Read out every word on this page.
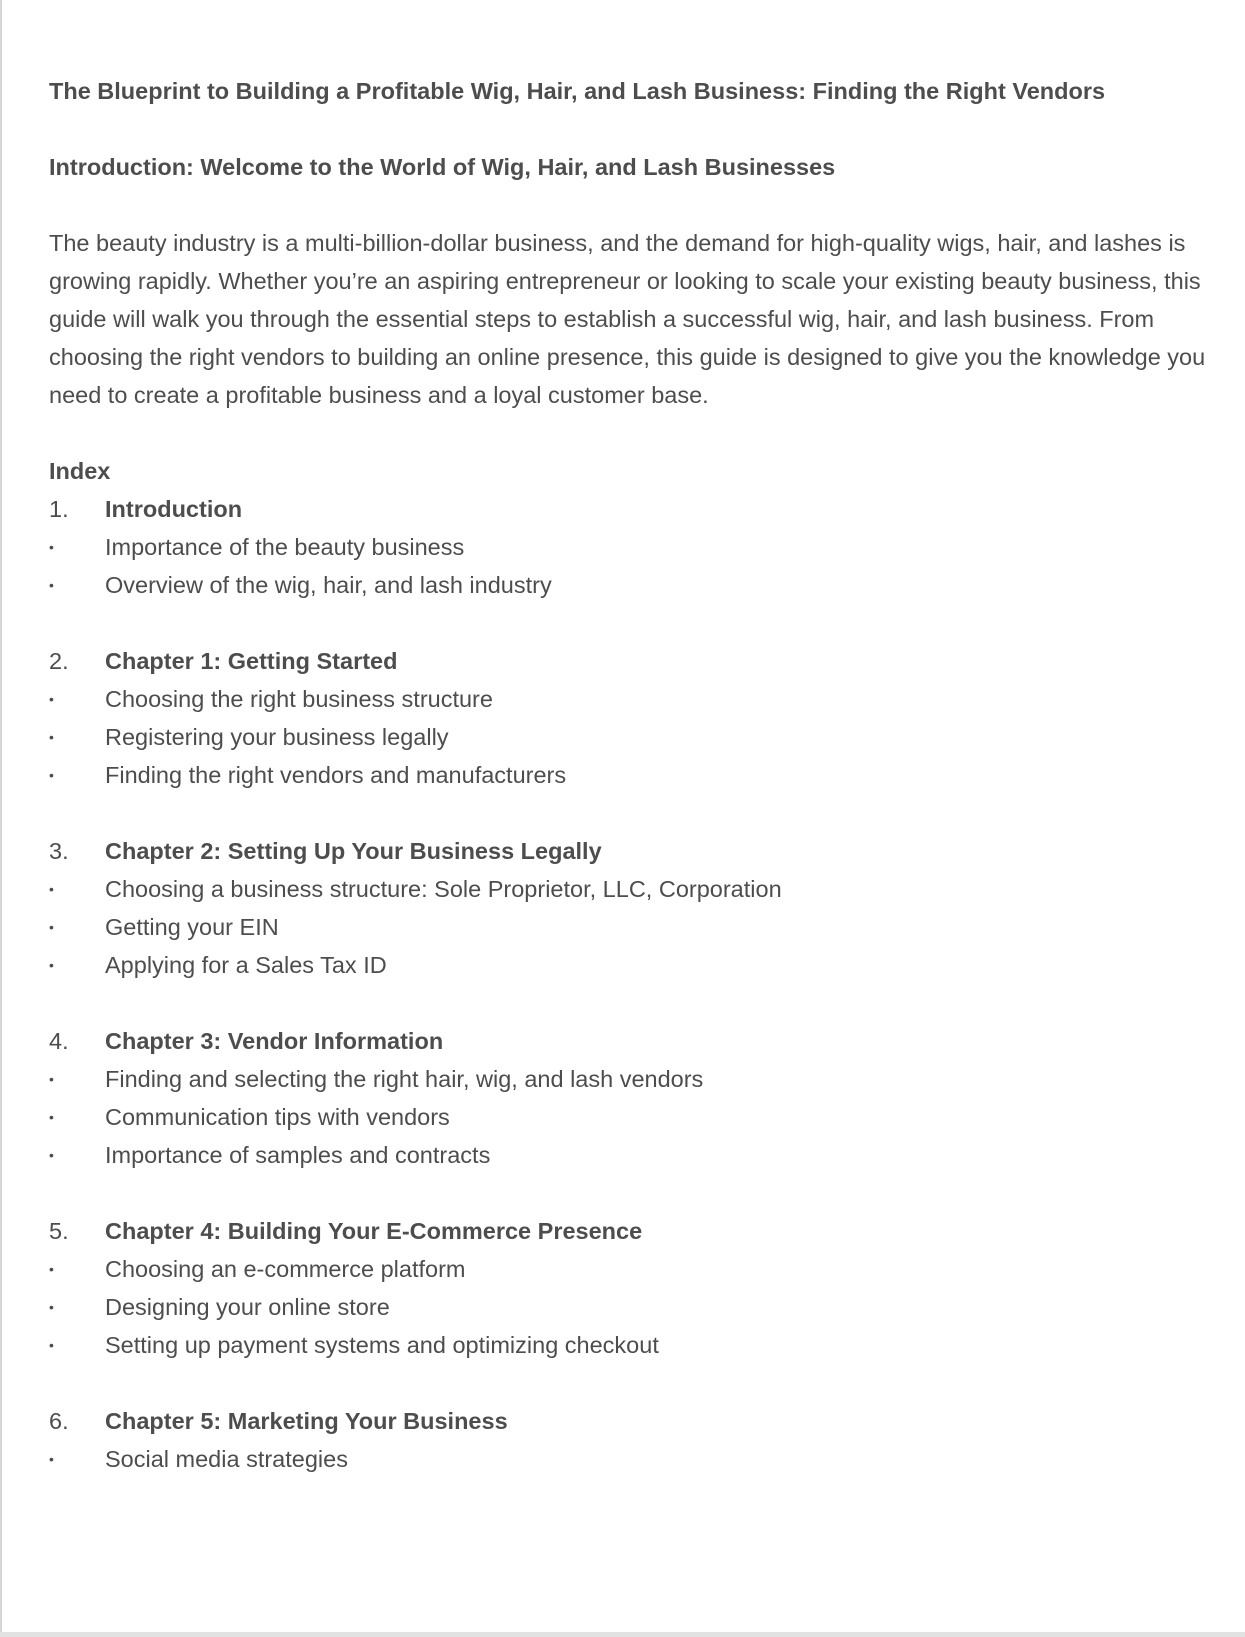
The Blueprint to Building a Profitable Wig, Hair, and Lash Business: Finding the Right Vendors

Introduction: Welcome to the World of Wig, Hair, and Lash Businesses

The beauty industry is a multi-billion-dollar business, and the demand for high-quality wigs, hair, and lashes is growing rapidly. Whether you’re an aspiring entrepreneur or looking to scale your existing beauty business, this guide will walk you through the essential steps to establish a successful wig, hair, and lash business. From choosing the right vendors to building an online presence, this guide is designed to give you the knowledge you need to create a profitable business and a loyal customer base.

Index

1.	Introduction
• Importance of the beauty business
• Overview of the wig, hair, and lash industry
2.	Chapter 1: Getting Started
• Choosing the right business structure
• Registering your business legally
• Finding the right vendors and manufacturers
3.	Chapter 2: Setting Up Your Business Legally
• Choosing a business structure: Sole Proprietor, LLC, Corporation
• Getting your EIN
• Applying for a Sales Tax ID
4.	Chapter 3: Vendor Information
• Finding and selecting the right hair, wig, and lash vendors
• Communication tips with vendors
• Importance of samples and contracts
5.	Chapter 4: Building Your E-Commerce Presence
• Choosing an e-commerce platform
• Designing your online store
• Setting up payment systems and optimizing checkout
6.	Chapter 5: Marketing Your Business
• Social media strategies
